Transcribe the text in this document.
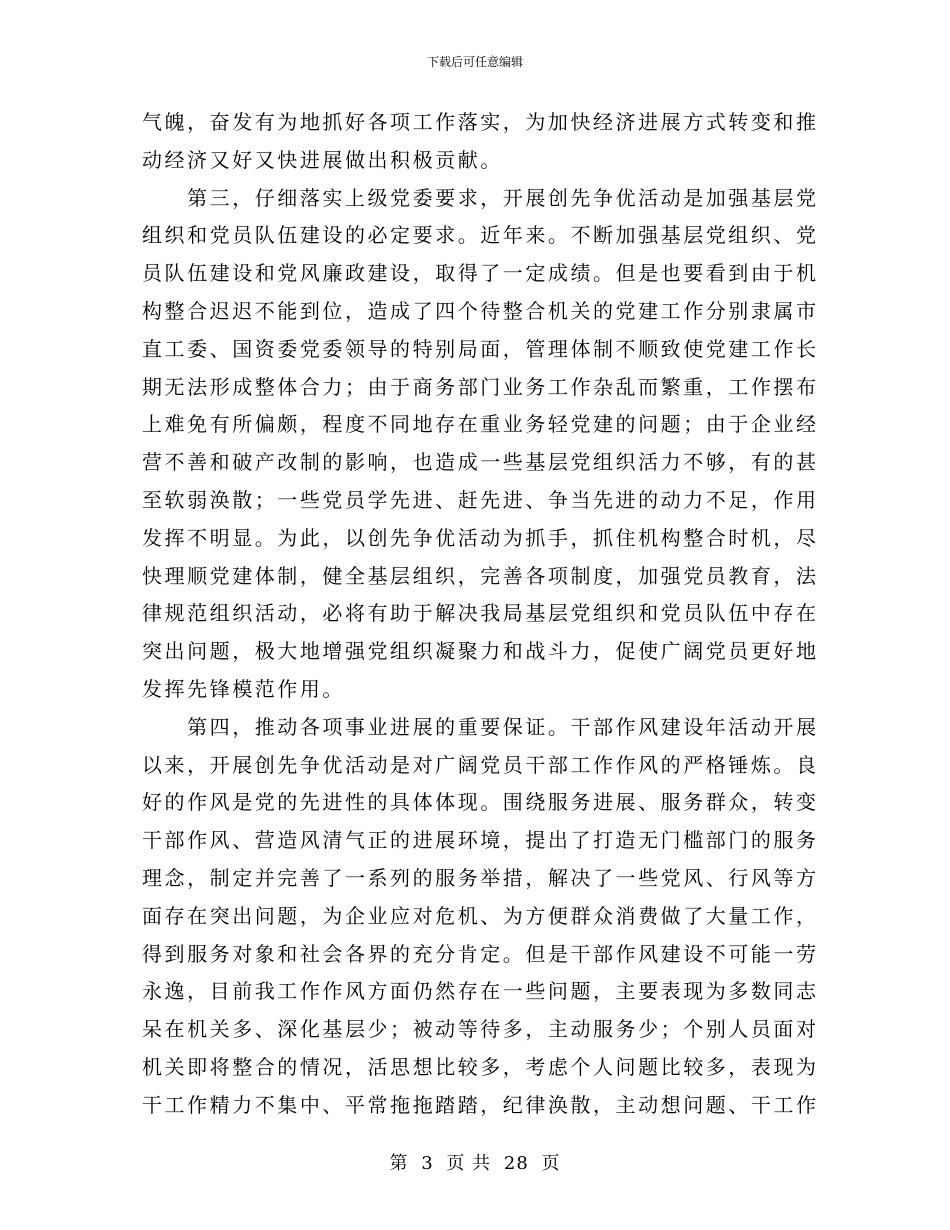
下载后可任意编辑
气魄，奋发有为地抓好各项工作落实，为加快经济进展方式转变和推
动经济又好又快进展做出积极贡献。
　　第三，仔细落实上级党委要求，开展创先争优活动是加强基层党
组织和党员队伍建设的必定要求。近年来。不断加强基层党组织、党
员队伍建设和党风廉政建设，取得了一定成绩。但是也要看到由于机
构整合迟迟不能到位，造成了四个待整合机关的党建工作分别隶属市
直工委、国资委党委领导的特别局面，管理体制不顺致使党建工作长
期无法形成整体合力；由于商务部门业务工作杂乱而繁重，工作摆布
上难免有所偏颇，程度不同地存在重业务轻党建的问题；由于企业经
营不善和破产改制的影响，也造成一些基层党组织活力不够，有的甚
至软弱涣散；一些党员学先进、赶先进、争当先进的动力不足，作用
发挥不明显。为此，以创先争优活动为抓手，抓住机构整合时机，尽
快理顺党建体制，健全基层组织，完善各项制度，加强党员教育，法
律规范组织活动，必将有助于解决我局基层党组织和党员队伍中存在
突出问题，极大地增强党组织凝聚力和战斗力，促使广阔党员更好地
发挥先锋模范作用。
　　第四，推动各项事业进展的重要保证。干部作风建设年活动开展
以来，开展创先争优活动是对广阔党员干部工作作风的严格锤炼。良
好的作风是党的先进性的具体体现。围绕服务进展、服务群众，转变
干部作风、营造风清气正的进展环境，提出了打造无门槛部门的服务
理念，制定并完善了一系列的服务举措，解决了一些党风、行风等方
面存在突出问题，为企业应对危机、为方便群众消费做了大量工作，
得到服务对象和社会各界的充分肯定。但是干部作风建设不可能一劳
永逸，目前我工作作风方面仍然存在一些问题，主要表现为多数同志
呆在机关多、深化基层少；被动等待多，主动服务少；个别人员面对
机关即将整合的情况，活思想比较多，考虑个人问题比较多，表现为
干工作精力不集中、平常拖拖踏踏，纪律涣散，主动想问题、干工作
第 3 页 共 28 页
